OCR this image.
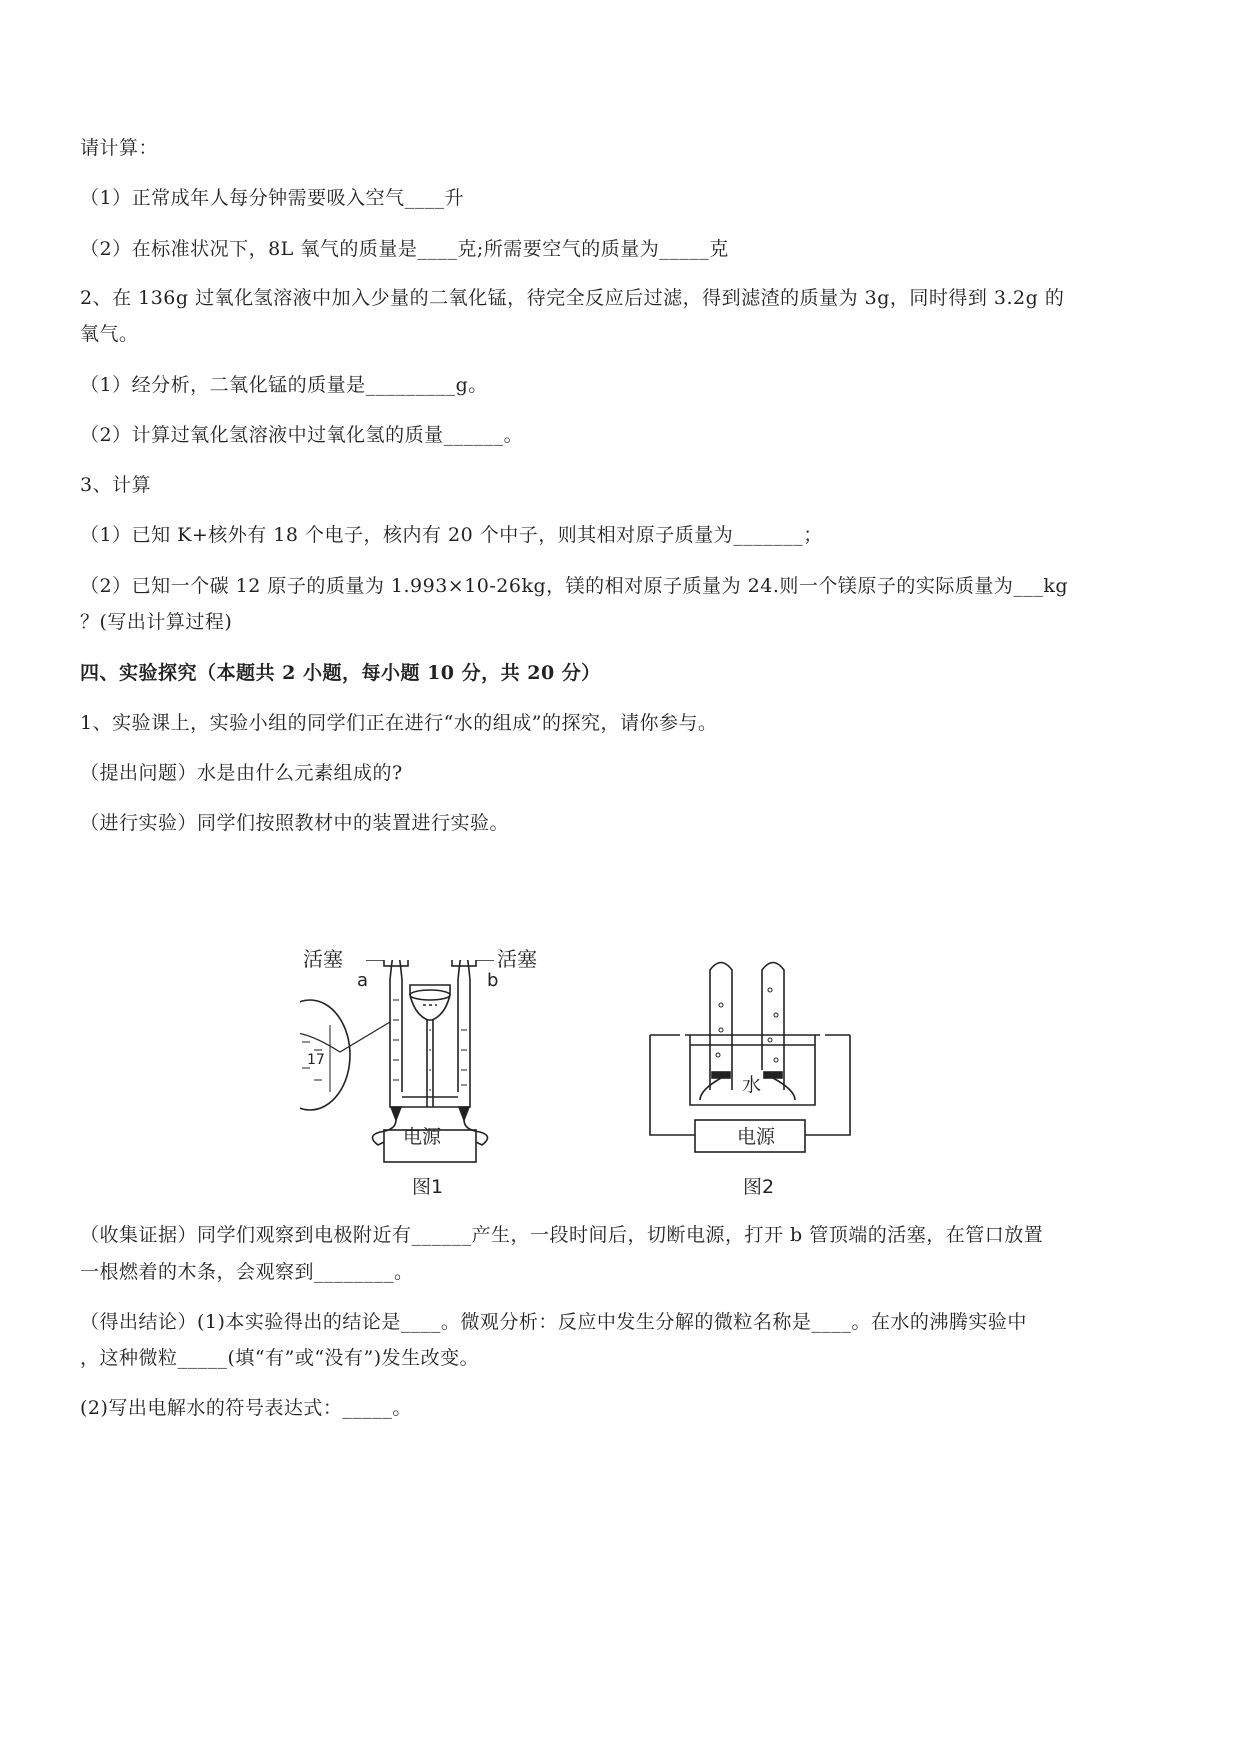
请计算：
（1）正常成年人每分钟需要吸入空气____升
（2）在标准状况下，8L 氧气的质量是____克;所需要空气的质量为_____克
2、在 136g 过氧化氢溶液中加入少量的二氧化锰，待完全反应后过滤，得到滤渣的质量为 3g，同时得到 3.2g 的
氧气。
（1）经分析，二氧化锰的质量是_________g。
（2）计算过氧化氢溶液中过氧化氢的质量______。
3、计算
（1）已知 K+核外有 18 个电子，核内有 20 个中子，则其相对原子质量为_______；
（2）已知一个碳 12 原子的质量为 1.993×10-26kg，镁的相对原子质量为 24.则一个镁原子的实际质量为___kg
？(写出计算过程)
四、实验探究（本题共 2 小题，每小题 10 分，共 20 分）
1、实验课上，实验小组的同学们正在进行“水的组成”的探究，请你参与。
（提出问题）水是由什么元素组成的?
（进行实验）同学们按照教材中的装置进行实验。
活塞	活塞
a	b
17
电源	电源
水
图1	图2
（收集证据）同学们观察到电极附近有______产生，一段时间后，切断电源，打开 b 管顶端的活塞，在管口放置
一根燃着的木条，会观察到________。
（得出结论）(1)本实验得出的结论是____。微观分析：反应中发生分解的微粒名称是____。在水的沸腾实验中
，这种微粒_____(填“有”或“没有”)发生改变。
(2)写出电解水的符号表达式：_____。
